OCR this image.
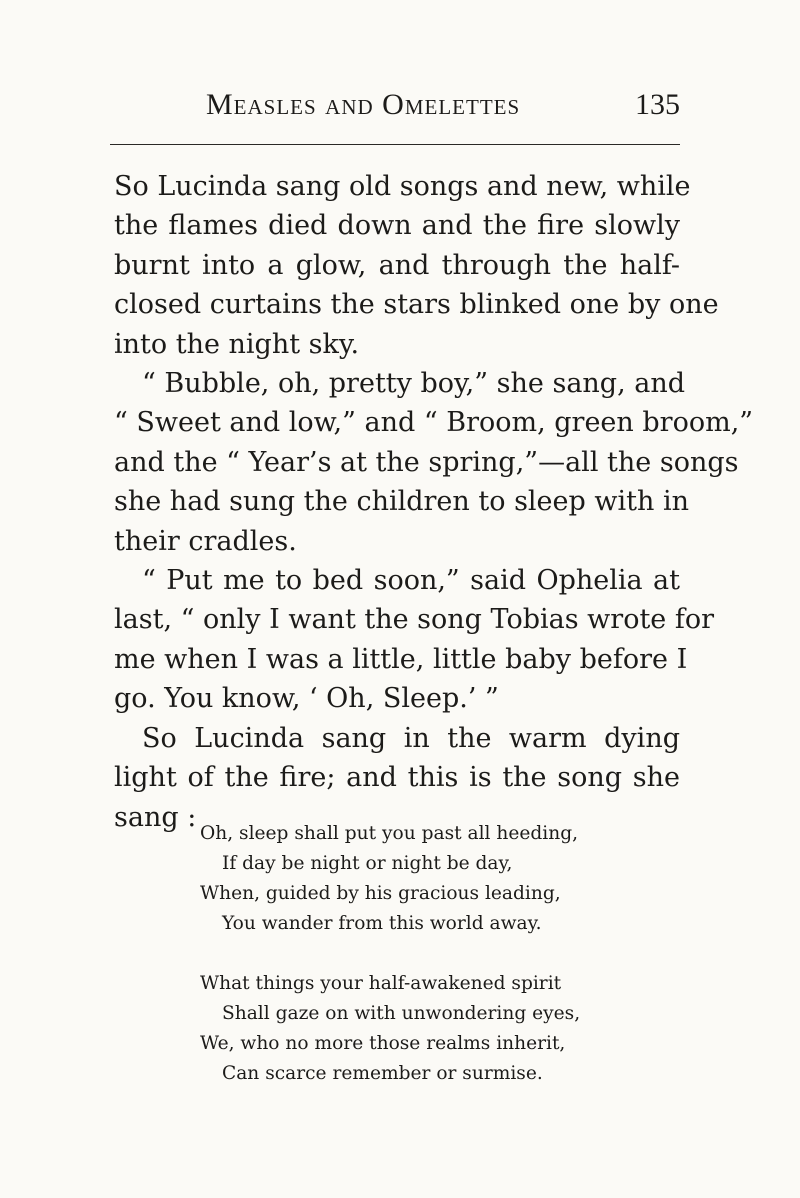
Measles and Omelettes	135
So Lucinda sang old songs and new, while
the flames died down and the fire slowly
burnt into a glow, and through the half-
closed curtains the stars blinked one by one
into the night sky.
“ Bubble, oh, pretty boy,” she sang, and
“ Sweet and low,” and “ Broom, green broom,”
and the “ Year’s at the spring,”—all the songs
she had sung the children to sleep with in
their cradles.
“ Put me to bed soon,” said Ophelia at
last, “ only I want the song Tobias wrote for
me when I was a little, little baby before I
go. You know, ‘ Oh, Sleep.’ ”
So Lucinda sang in the warm dying
light of the fire; and this is the song she
sang :
Oh, sleep shall put you past all heeding,
If day be night or night be day,
When, guided by his gracious leading,
You wander from this world away.
What things your half-awakened spirit
Shall gaze on with unwondering eyes,
We, who no more those realms inherit,
Can scarce remember or surmise.
